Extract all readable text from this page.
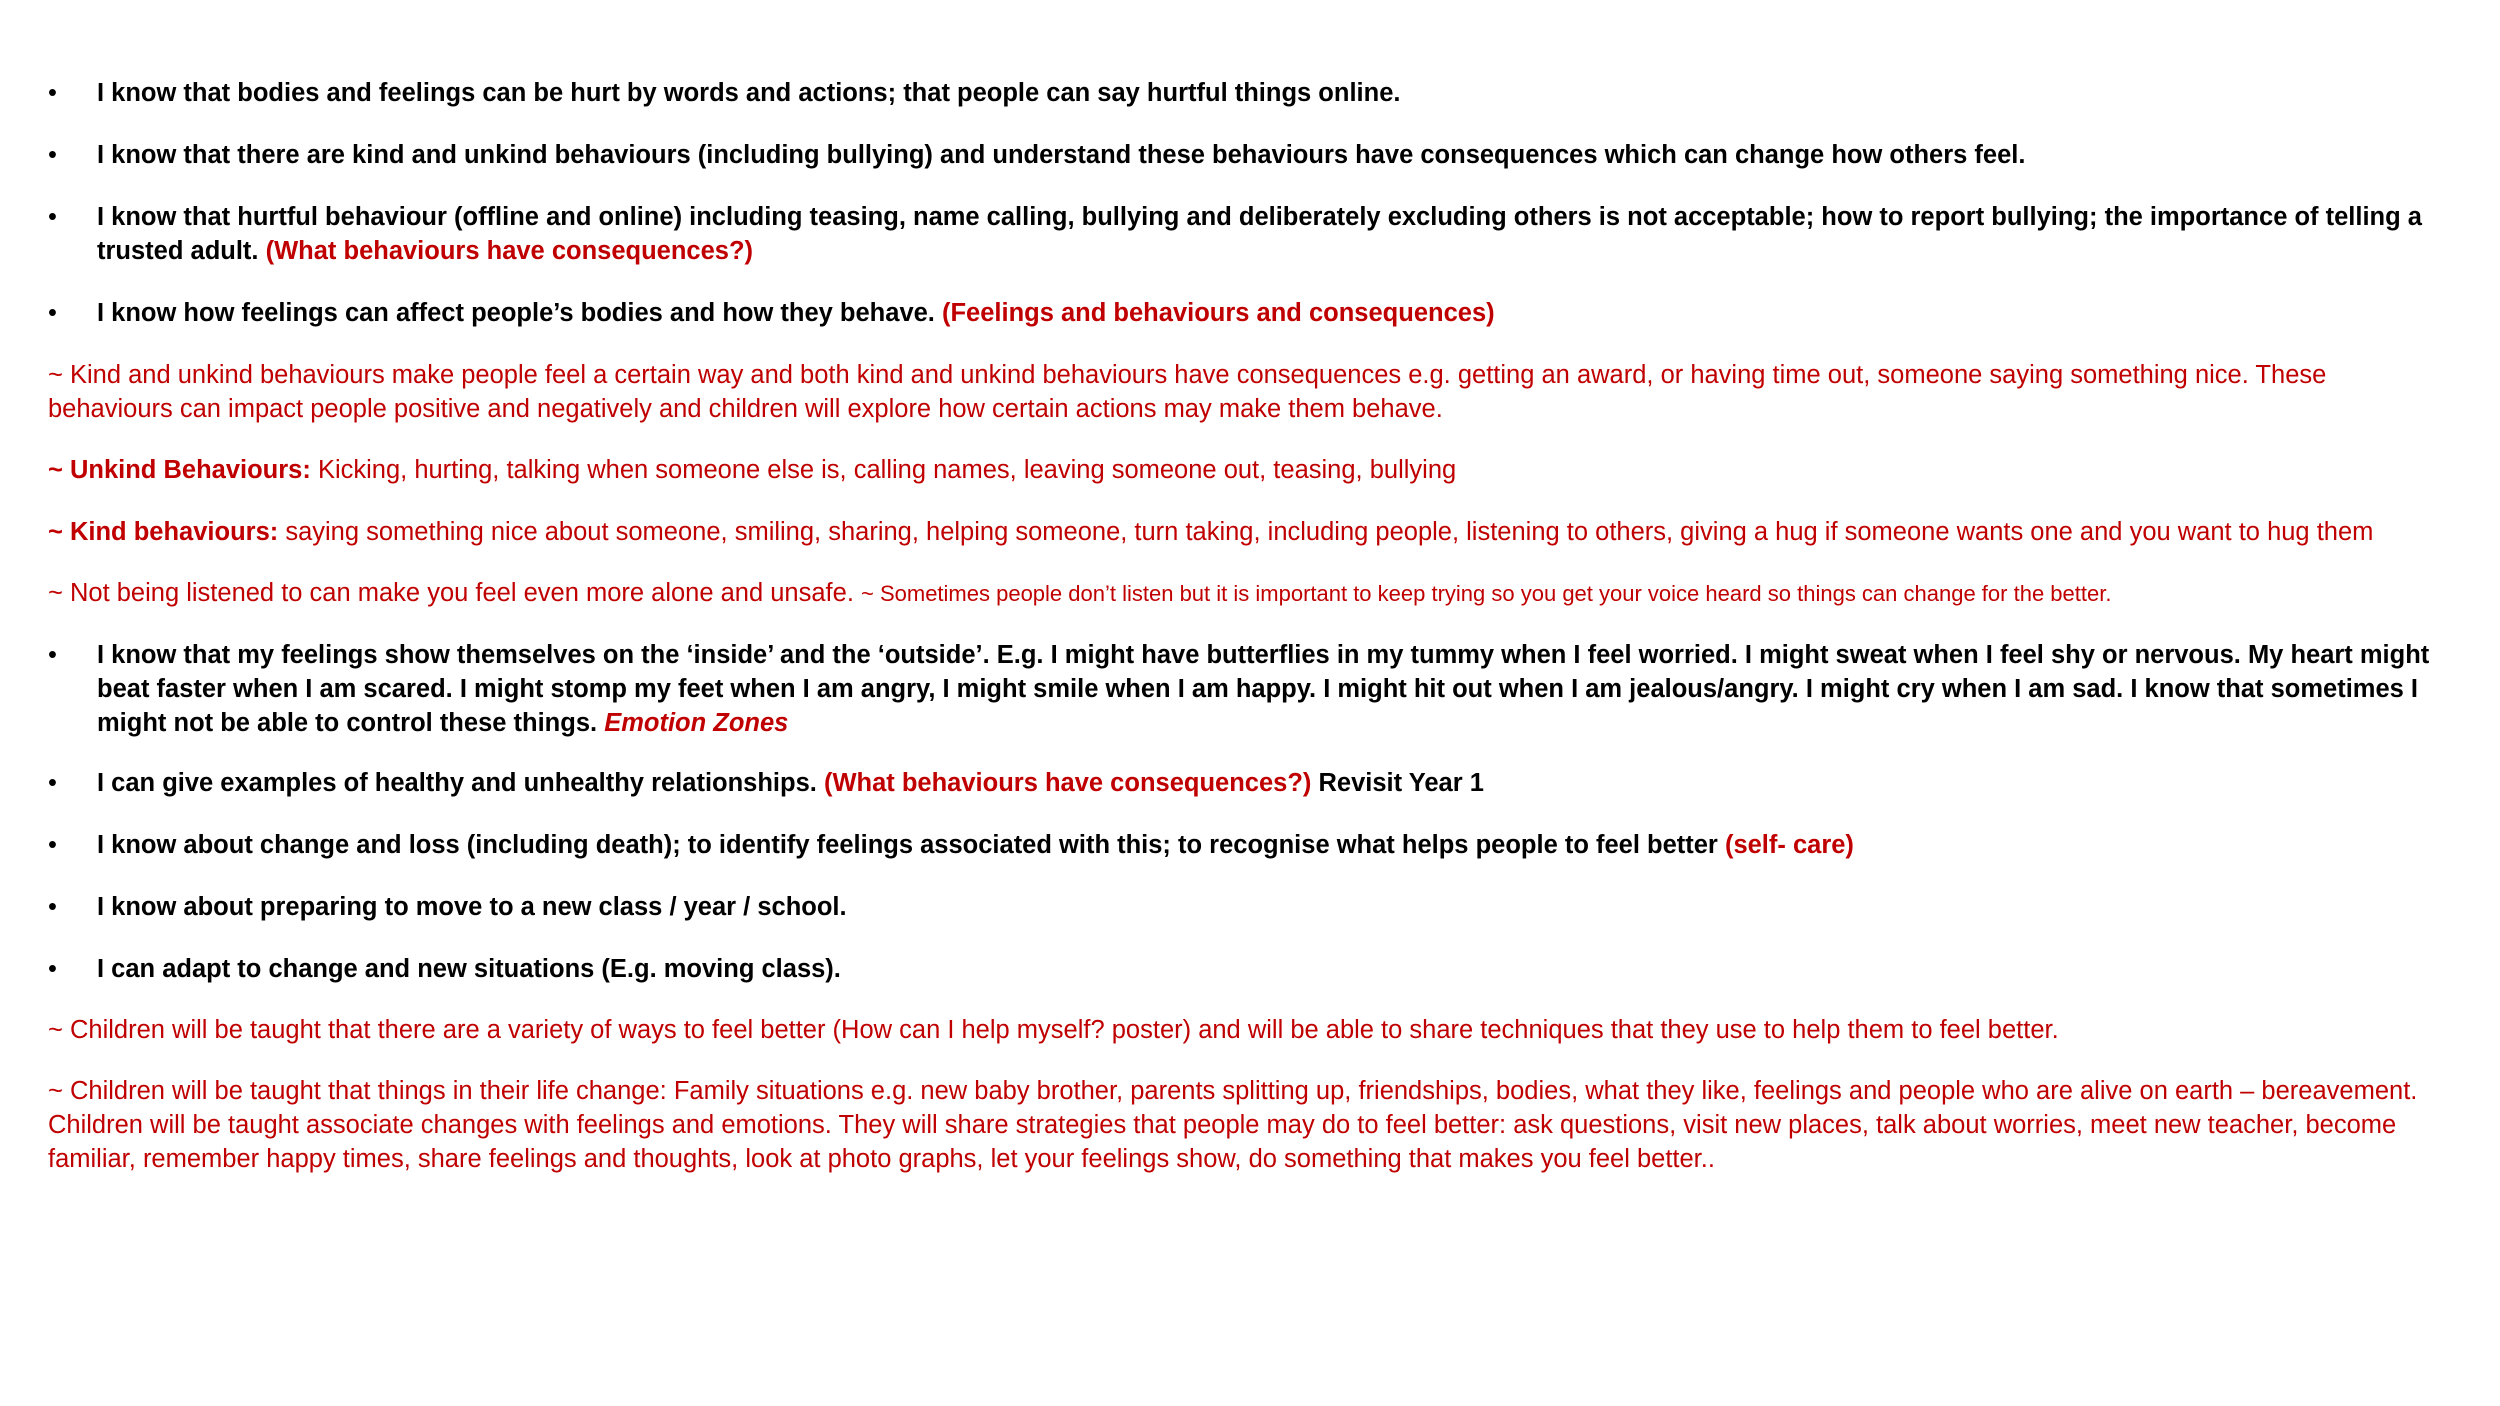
• I know that bodies and feelings can be hurt by words and actions; that people can say hurtful things online.
• I know that there are kind and unkind behaviours (including bullying) and understand these behaviours have consequences which can change how others feel.
• I know that hurtful behaviour (offline and online) including teasing, name calling, bullying and deliberately excluding others is not acceptable; how to report bullying; the importance of telling a trusted adult. (What behaviours have consequences?)
• I know how feelings can affect people’s bodies and how they behave. (Feelings and behaviours and consequences)
~ Kind and unkind behaviours make people feel a certain way and both kind and unkind behaviours have consequences e.g. getting an award, or having time out, someone saying something nice. These behaviours can impact people positive and negatively and children will explore how certain actions may make them behave.
~ Unkind Behaviours: Kicking, hurting, talking when someone else is, calling names, leaving someone out, teasing, bullying
~ Kind behaviours: saying something nice about someone, smiling, sharing, helping someone, turn taking, including people, listening to others, giving a hug if someone wants one and you want to hug them
~ Not being listened to can make you feel even more alone and unsafe. ~ Sometimes people don’t listen but it is important to keep trying so you get your voice heard so things can change for the better.
• I know that my feelings show themselves on the ‘inside’ and the ‘outside’. E.g. I might have butterflies in my tummy when I feel worried. I might sweat when I feel shy or nervous. My heart might beat faster when I am scared. I might stomp my feet when I am angry, I might smile when I am happy. I might hit out when I am jealous/angry. I might cry when I am sad. I know that sometimes I might not be able to control these things. Emotion Zones
• I can give examples of healthy and unhealthy relationships. (What behaviours have consequences?) Revisit Year 1
• I know about change and loss (including death); to identify feelings associated with this; to recognise what helps people to feel better (self- care)
• I know about preparing to move to a new class / year / school.
• I can adapt to change and new situations (E.g. moving class).
~ Children will be taught that there are a variety of ways to feel better (How can I help myself? poster) and will be able to share techniques that they use to help them to feel better.
~ Children will be taught that things in their life change: Family situations e.g. new baby brother, parents splitting up, friendships, bodies, what they like, feelings and people who are alive on earth – bereavement. Children will be taught associate changes with feelings and emotions. They will share strategies that people may do to feel better: ask questions, visit new places, talk about worries, meet new teacher, become familiar, remember happy times, share feelings and thoughts, look at photo graphs, let your feelings show, do something that makes you feel better..
